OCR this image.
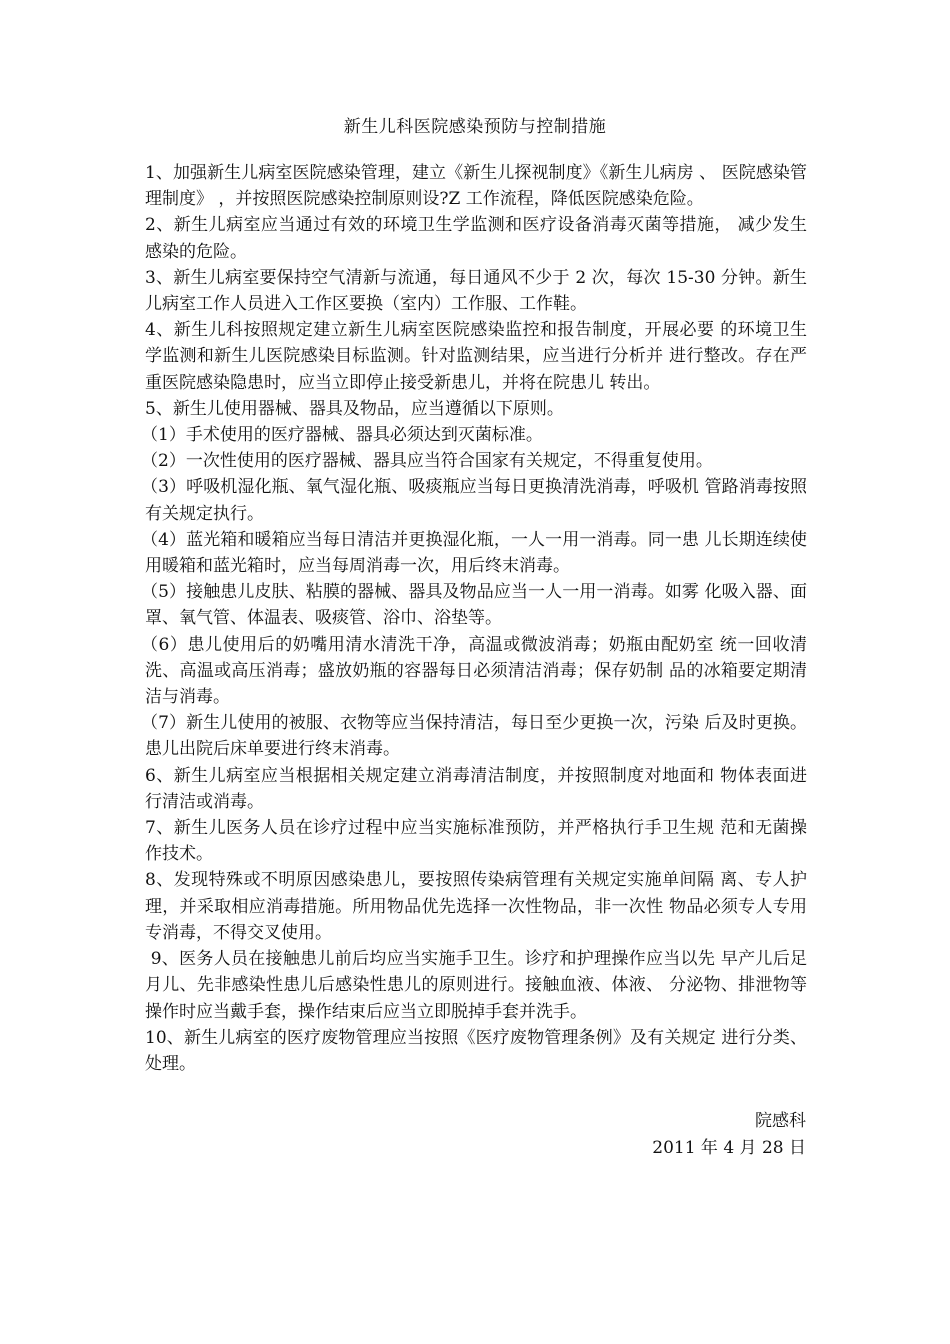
新生儿科医院感染预防与控制措施

1、加强新生儿病室医院感染管理，建立《新生儿探视制度》《新生儿病房 、 医院感染管理制度》 ，并按照医院感染控制原则设?Z 工作流程，降低医院感染危险。

2、新生儿病室应当通过有效的环境卫生学监测和医疗设备消毒灭菌等措施， 减少发生感染的危险。

3、新生儿病室要保持空气清新与流通，每日通风不少于 2 次，每次 15-30 分钟。新生儿病室工作人员进入工作区要换（室内）工作服、工作鞋。

4、新生儿科按照规定建立新生儿病室医院感染监控和报告制度，开展必要 的环境卫生学监测和新生儿医院感染目标监测。针对监测结果，应当进行分析并 进行整改。存在严重医院感染隐患时，应当立即停止接受新患儿，并将在院患儿 转出。

5、新生儿使用器械、器具及物品，应当遵循以下原则。

（1）手术使用的医疗器械、器具必须达到灭菌标准。

（2）一次性使用的医疗器械、器具应当符合国家有关规定，不得重复使用。

（3）呼吸机湿化瓶、氧气湿化瓶、吸痰瓶应当每日更换清洗消毒，呼吸机 管路消毒按照有关规定执行。

（4）蓝光箱和暖箱应当每日清洁并更换湿化瓶，一人一用一消毒。同一患 儿长期连续使用暖箱和蓝光箱时，应当每周消毒一次，用后终末消毒。

（5）接触患儿皮肤、粘膜的器械、器具及物品应当一人一用一消毒。如雾 化吸入器、面罩、氧气管、体温表、吸痰管、浴巾、浴垫等。

（6）患儿使用后的奶嘴用清水清洗干净，高温或微波消毒；奶瓶由配奶室 统一回收清洗、高温或高压消毒；盛放奶瓶的容器每日必须清洁消毒；保存奶制 品的冰箱要定期清洁与消毒。

（7）新生儿使用的被服、衣物等应当保持清洁，每日至少更换一次，污染 后及时更换。患儿出院后床单要进行终末消毒。

6、新生儿病室应当根据相关规定建立消毒清洁制度，并按照制度对地面和 物体表面进行清洁或消毒。

7、新生儿医务人员在诊疗过程中应当实施标准预防，并严格执行手卫生规 范和无菌操作技术。

8、发现特殊或不明原因感染患儿，要按照传染病管理有关规定实施单间隔 离、专人护理，并采取相应消毒措施。所用物品优先选择一次性物品，非一次性 物品必须专人专用专消毒，不得交叉使用。

9、医务人员在接触患儿前后均应当实施手卫生。诊疗和护理操作应当以先 早产儿后足月儿、先非感染性患儿后感染性患儿的原则进行。接触血液、体液、 分泌物、排泄物等操作时应当戴手套，操作结束后应当立即脱掉手套并洗手。

10、新生儿病室的医疗废物管理应当按照《医疗废物管理条例》及有关规定 进行分类、处理。

院感科

2011 年 4 月 28 日
